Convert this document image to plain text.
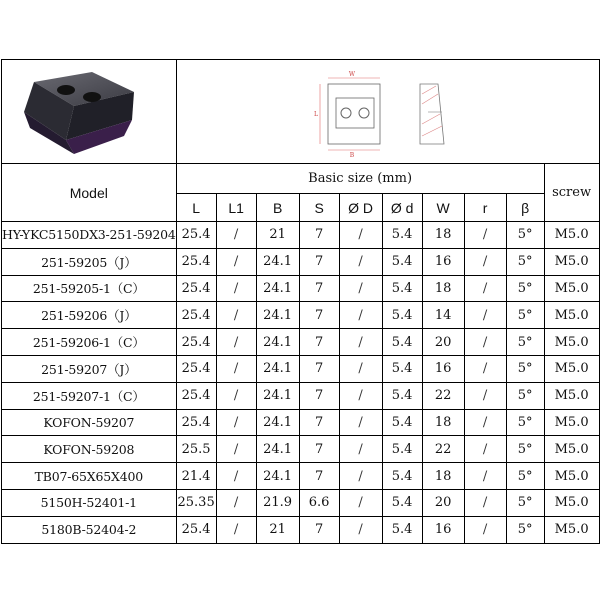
W
B
L									

Model	Basic size (mm)									screw
	L	L1	B	S	Ø D	Ø d	W	r	β	
HY-YKC5150DX3-251-59204	25.4	/	21	7	/	5.4	18	/	5°	M5.0
251-59205（J）	25.4	/	24.1	7	/	5.4	16	/	5°	M5.0
251-59205-1（C）	25.4	/	24.1	7	/	5.4	18	/	5°	M5.0
251-59206（J）	25.4	/	24.1	7	/	5.4	14	/	5°	M5.0
251-59206-1（C）	25.4	/	24.1	7	/	5.4	20	/	5°	M5.0
251-59207（J）	25.4	/	24.1	7	/	5.4	16	/	5°	M5.0
251-59207-1（C）	25.4	/	24.1	7	/	5.4	22	/	5°	M5.0
KOFON-59207	25.4	/	24.1	7	/	5.4	18	/	5°	M5.0
KOFON-59208	25.5	/	24.1	7	/	5.4	22	/	5°	M5.0
TB07-65X65X400	21.4	/	24.1	7	/	5.4	18	/	5°	M5.0
5150H-52401-1	25.35	/	21.9	6.6	/	5.4	20	/	5°	M5.0
5180B-52404-2	25.4	/	21	7	/	5.4	16	/	5°	M5.0
